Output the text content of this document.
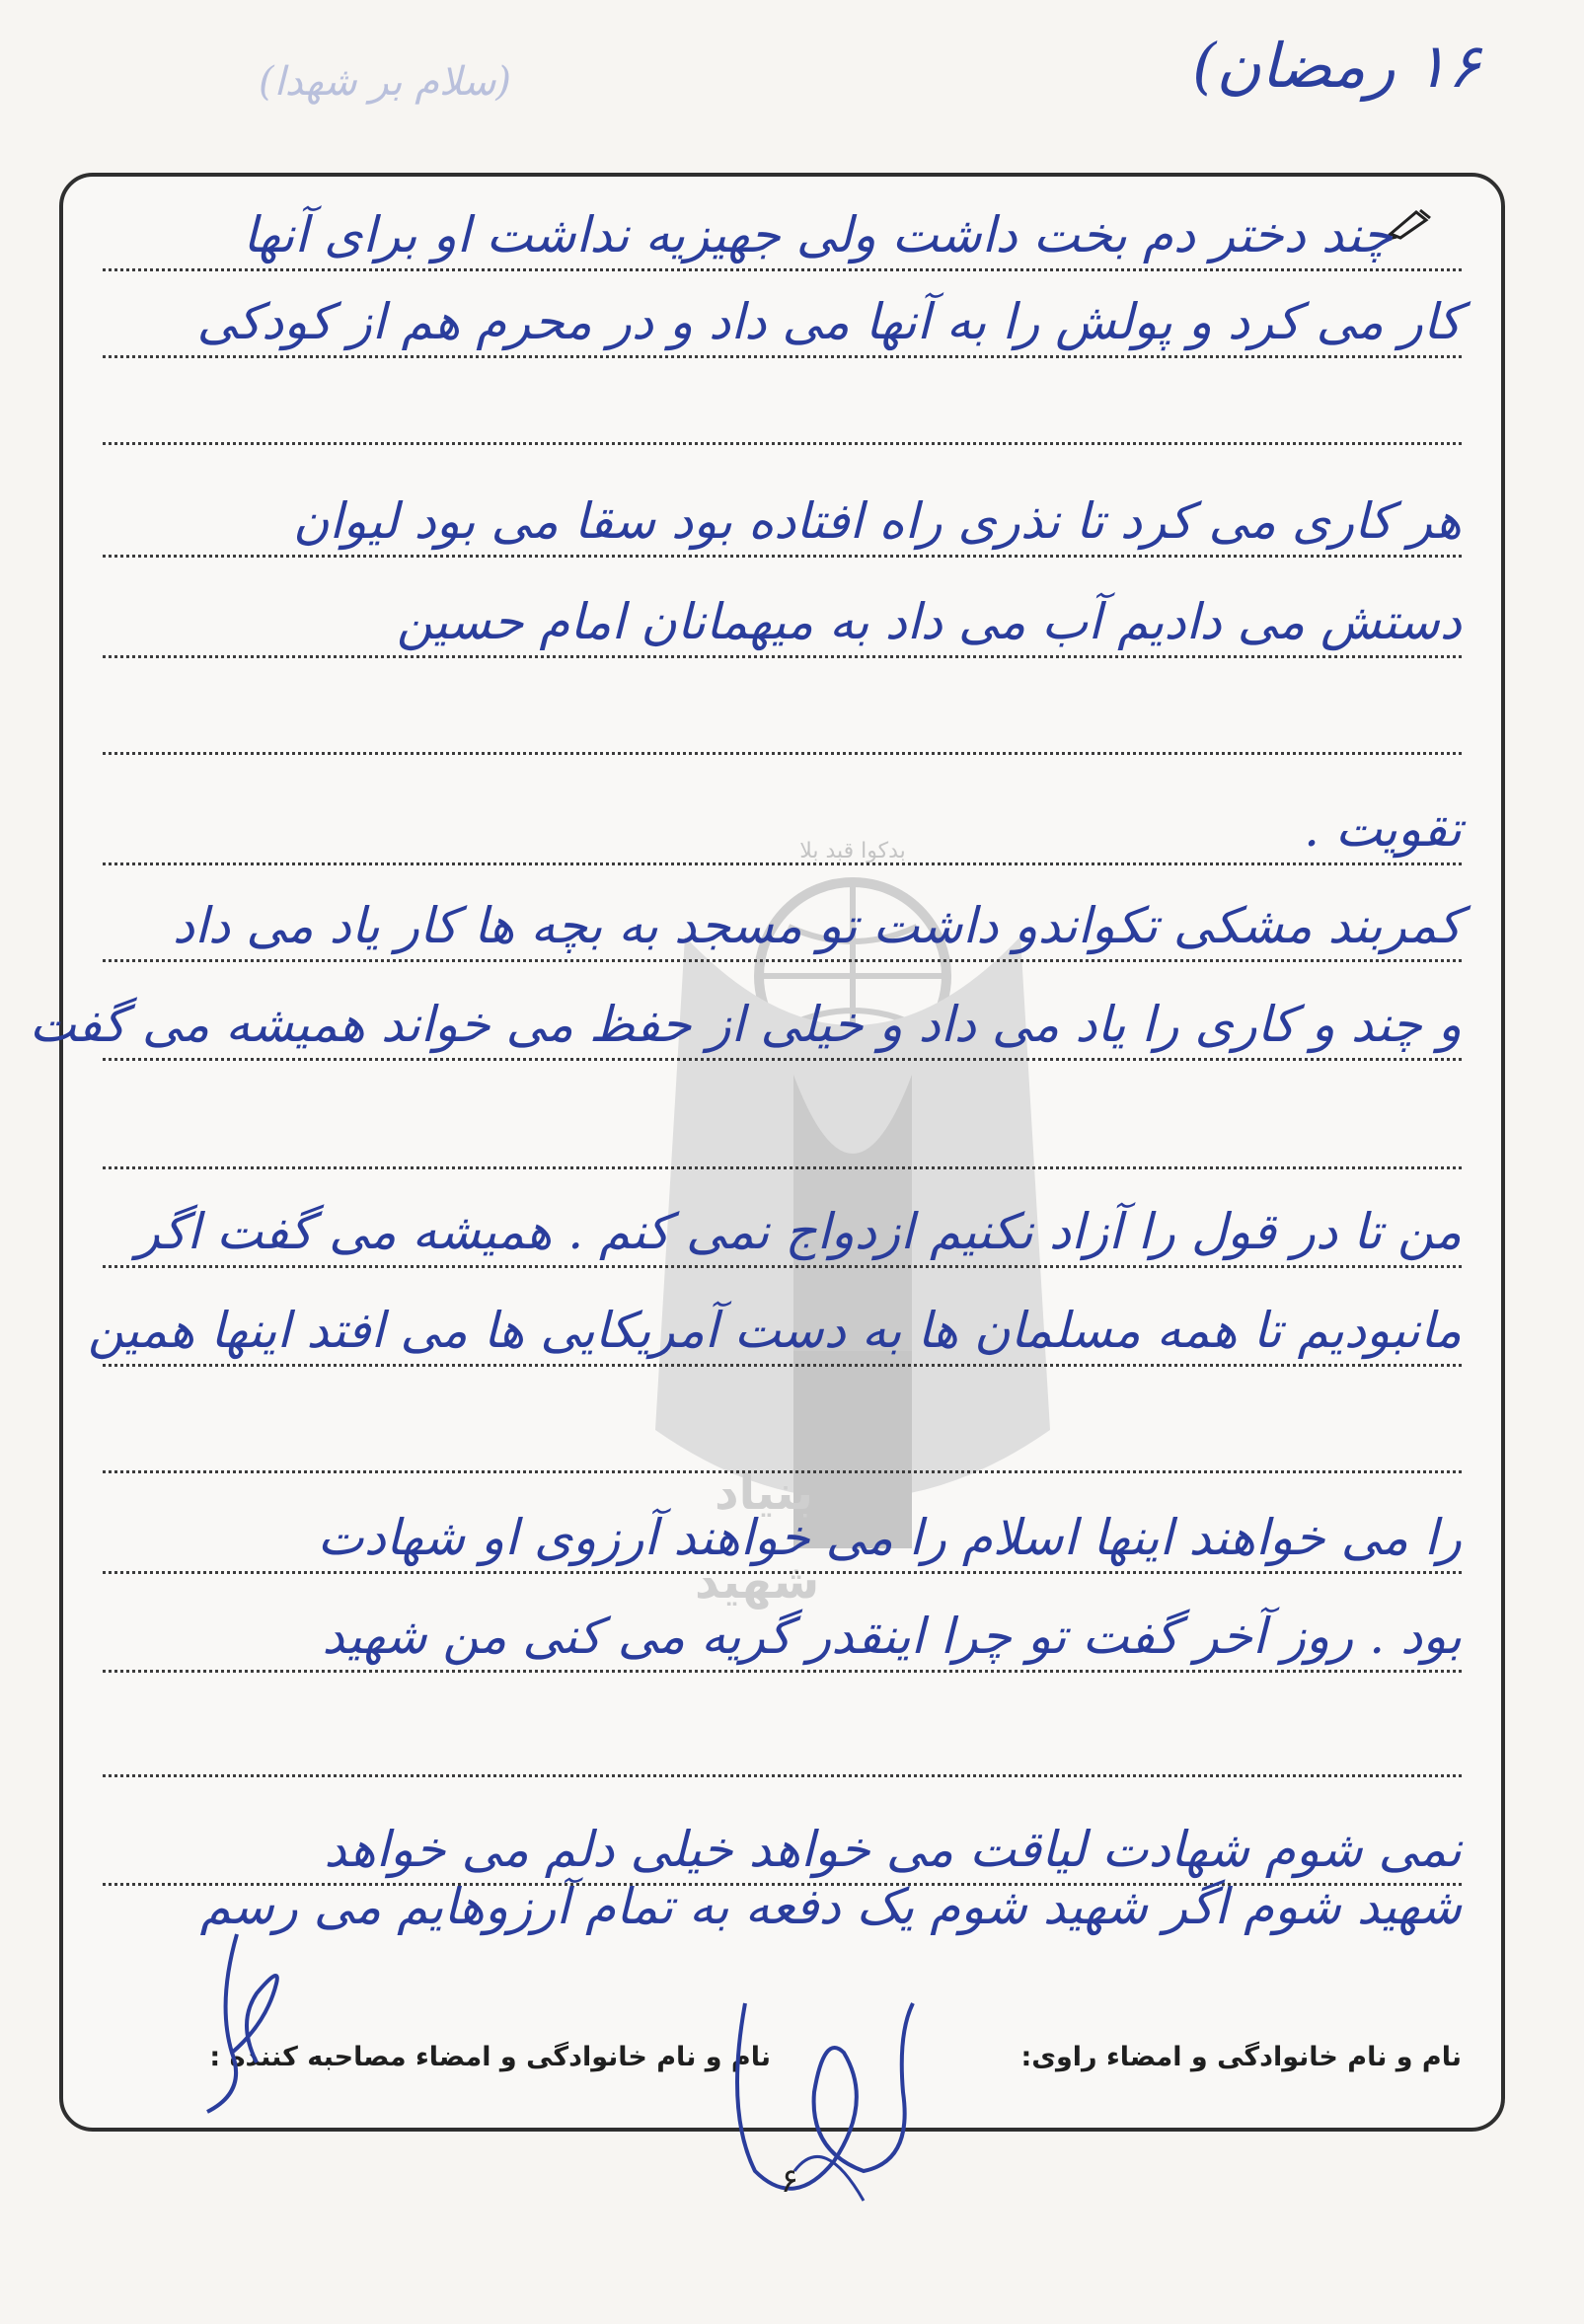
۱۶ رمضان)
(سلام بر شهدا)
بدکوا قبد بلا
بنیاد
شهید
چند دختر دم بخت داشت ولی جهیزیه نداشت او برای آنها
کار می کرد و پولش را به آنها می داد و در محرم هم از کودکی
هر کاری می کرد تا نذری راه افتاده بود سقا می بود لیوان
دستش می دادیم آب می داد به میهمانان امام حسین
تقویت .
کمربند مشکی تکواندو داشت تو مسجد به بچه ها کار یاد می داد
و چند و کاری را یاد می داد و خیلی از حفظ می خواند همیشه می گفت
من تا در قول را آزاد نکنیم ازدواج نمی کنم . همیشه می گفت اگر
مانبودیم تا همه مسلمان ها به دست آمریکایی ها می افتد اینها همین
را می خواهند اینها اسلام را می خواهند آرزوی او شهادت
بود . روز آخر گفت تو چرا اینقدر گریه می کنی من شهید
نمی شوم شهادت لیاقت می خواهد خیلی دلم می خواهد
شهید شوم اگر شهید شوم یک دفعه به تمام آرزوهایم می رسم
نام و نام خانوادگی و امضاء راوی:
نام و نام خانوادگی و امضاء مصاحبه کننده :
۶
